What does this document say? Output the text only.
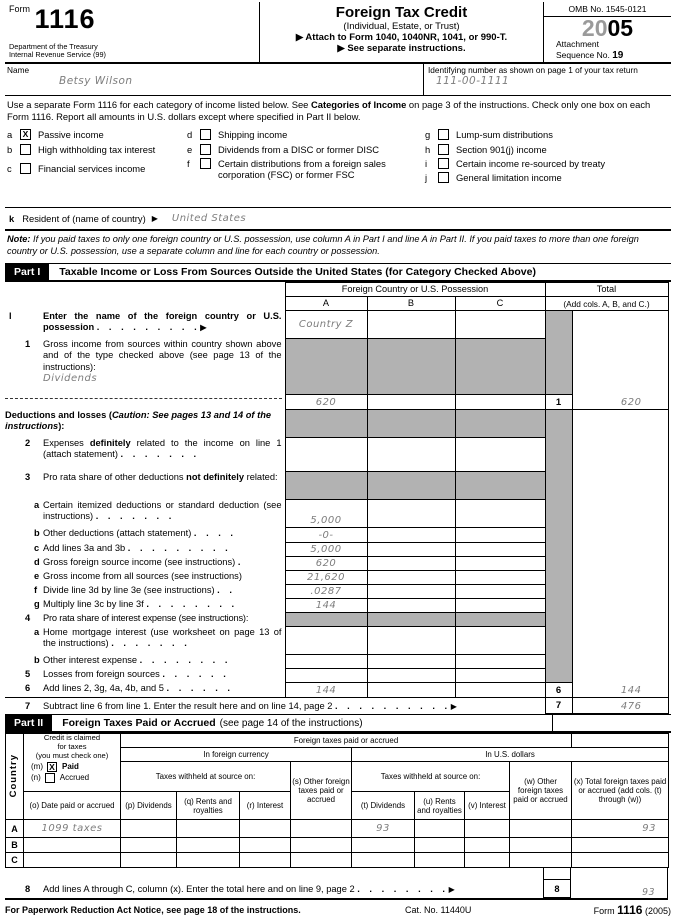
$^{Form}$ 1116
Department of the Treasury
Internal Revenue Service (99)
Foreign Tax Credit
(Individual, Estate, or Trust)
▶ Attach to Form 1040, 1040NR, 1041, or 990-T.
▶ See separate instructions.
OMB No. 1545-0121
2005
Attachment
Sequence No. 19
Name
Betsy Wilson
Identifying number as shown on page 1 of your tax return
111-00-1111
Use a separate Form 1116 for each category of income listed below. See Categories of Income on page 3 of the instructions. Check only one box on each Form 1116. Report all amounts in U.S. dollars except where specified in Part II below.
a	X Passive income
b	High withholding tax interest
c	Financial services income
d	Shipping income
e	Dividends from a DISC or former DISC
f	Certain distributions from a foreign sales corporation (FSC) or former FSC
g	Lump-sum distributions
h	Section 901(j) income
i	Certain income re-sourced by treaty
j	General limitation income
k Resident of (name of country) ▶	United States
Note: If you paid taxes to only one foreign country or U.S. possession, use column A in Part I and line A in Part II. If you paid taxes to more than one foreign country or U.S. possession, use a separate column and line for each country or possession.
Part I	Taxable Income or Loss From Sources Outside the United States (for Category Checked Above)
	Foreign Country or U.S. Possession			Total	
	A	B	C	(Add cols. A, B, and C.)	

l Enter the name of the foreign country or U.S. possession . . . . . . . . . ▶	Country Z				

1 Gross income from sources within country shown above and of the type checked above (see page 13 of the instructions):
Dividends					

	620			1	620
Deductions and losses (Caution: See pages 13 and 14 of the instructions):					

2 Expenses definitely related to the income on line 1 (attach statement) . . . . . . .					

3 Pro rata share of other deductions not definitely related:					

a Certain itemized deductions or standard deduction (see instructions) . . . . . . .	5,000				

b Other deductions (attach statement) . . . .	-0-				

c Add lines 3a and 3b . . . . . . . . .	5,000				

d Gross foreign source income (see instructions) .	620				

e Gross income from all sources (see instructions)	21,620				

f Divide line 3d by line 3e (see instructions) . .	.0287				

g Multiply line 3c by line 3f . . . . . . . .	144				

4 Pro rata share of interest expense (see instructions):					

a Home mortgage interest (use worksheet on page 13 of the instructions) . . . . . . .					

b Other interest expense . . . . . . . .					

5 Losses from foreign sources . . . . . .					

6 Add lines 2, 3g, 4a, 4b, and 5 . . . . . .	144			6	144

7 Subtract line 6 from line 1. Enter the result here and on line 14, page 2 . . . . . . . . . . ▶				7	476
Part II	Foreign Taxes Paid or Accrued (see page 14 of the instructions)
Country	
Credit is claimed
for taxes
(you must check one)
(m) X Paid
(n) Accrued
	Foreign taxes paid or accrued	
		In foreign currency				In U.S. dollars				
		Taxes withheld at source on:			(s) Other foreign taxes paid or accrued	Taxes withheld at source on:			(w) Other foreign taxes paid or accrued	(x) Total foreign taxes paid or accrued (add cols. (t) through (w))
	(o) Date paid or accrued	(p) Dividends	(q) Rents and royalties	(r) Interest		(t) Dividends	(u) Rents and royalties	(v) Interest		
A	1099 taxes					93				93
B										
C										
8	Add lines A through C, column (x). Enter the total here and on line 9, page 2 . . . . . . . . ▶	8	93
For Paperwork Reduction Act Notice, see page 18 of the instructions.	Cat. No. 11440U	Form 1116 (2005)
